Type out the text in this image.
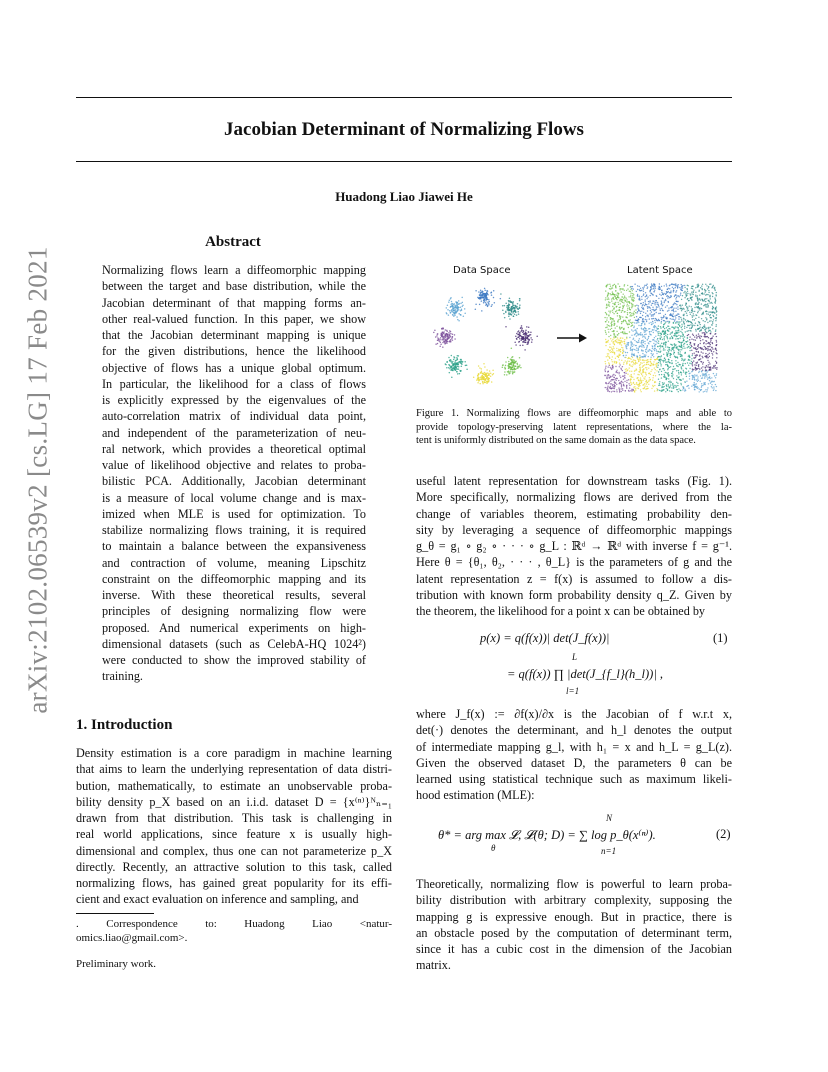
Jacobian Determinant of Normalizing Flows
Huadong Liao Jiawei He
arXiv:2102.06539v2 [cs.LG] 17 Feb 2021
Abstract
Normalizing flows learn a diffeomorphic mapping
between the target and base distribution, while the
Jacobian determinant of that mapping forms an-
other real-valued function. In this paper, we show
that the Jacobian determinant mapping is unique
for the given distributions, hence the likelihood
objective of flows has a unique global optimum.
In particular, the likelihood for a class of flows
is explicitly expressed by the eigenvalues of the
auto-correlation matrix of individual data point,
and independent of the parameterization of neu-
ral network, which provides a theoretical optimal
value of likelihood objective and relates to proba-
bilistic PCA. Additionally, Jacobian determinant
is a measure of local volume change and is max-
imized when MLE is used for optimization. To
stabilize normalizing flows training, it is required
to maintain a balance between the expansiveness
and contraction of volume, meaning Lipschitz
constraint on the diffeomorphic mapping and its
inverse. With these theoretical results, several
principles of designing normalizing flow were
proposed. And numerical experiments on high-
dimensional datasets (such as CelebA-HQ 1024²)
were conducted to show the improved stability of
training.
1. Introduction
Density estimation is a core paradigm in machine learning
that aims to learn the underlying representation of data distri-
bution, mathematically, to estimate an unobservable proba-
bility density p_X based on an i.i.d. dataset D = {x⁽ⁿ⁾}ᴺₙ₌₁
drawn from that distribution. This task is challenging in
real world applications, since feature x is usually high-
dimensional and complex, thus one can not parameterize p_X
directly. Recently, an attractive solution to this task, called
normalizing flows, has gained great popularity for its effi-
cient and exact evaluation on inference and sampling, and
. Correspondence to: Huadong Liao <natur-
omics.liao@gmail.com>.
Preliminary work.
Data Space	Latent Space
Figure 1. Normalizing flows are diffeomorphic maps and able to
provide topology-preserving latent representations, where the la-
tent is uniformly distributed on the same domain as the data space.
useful latent representation for downstream tasks (Fig. 1).
More specifically, normalizing flows are derived from the
change of variables theorem, estimating probability den-
sity by leveraging a sequence of diffeomorphic mappings
g_θ = g₁ ∘ g₂ ∘ · · · ∘ g_L : ℝᵈ → ℝᵈ with inverse f = g⁻¹.
Here θ = {θ₁, θ₂, · · · , θ_L} is the parameters of g and the
latent representation z = f(x) is assumed to follow a dis-
tribution with known form probability density q_Z. Given by
the theorem, the likelihood for a point x can be obtained by
p(x) = q(f(x))| det(J_f(x))|	(1)
= q(f(x)) ∏ |det(J_{f_l}(h_l))| ,
L
l=1
where J_f(x) := ∂f(x)/∂x is the Jacobian of f w.r.t x,
det(·) denotes the determinant, and h_l denotes the output
of intermediate mapping g_l, with h₁ = x and h_L = g_L(z).
Given the observed dataset D, the parameters θ can be
learned using statistical technique such as maximum likeli-
hood estimation (MLE):
θ* = arg max 𝓛, 𝓛(θ; D) = ∑ log p_θ(x⁽ⁿ⁾).
θ
N
n=1
(2)
Theoretically, normalizing flow is powerful to learn proba-
bility distribution with arbitrary complexity, supposing the
mapping g is expressive enough. But in practice, there is
an obstacle posed by the computation of determinant term,
since it has a cubic cost in the dimension of the Jacobian
matrix.
